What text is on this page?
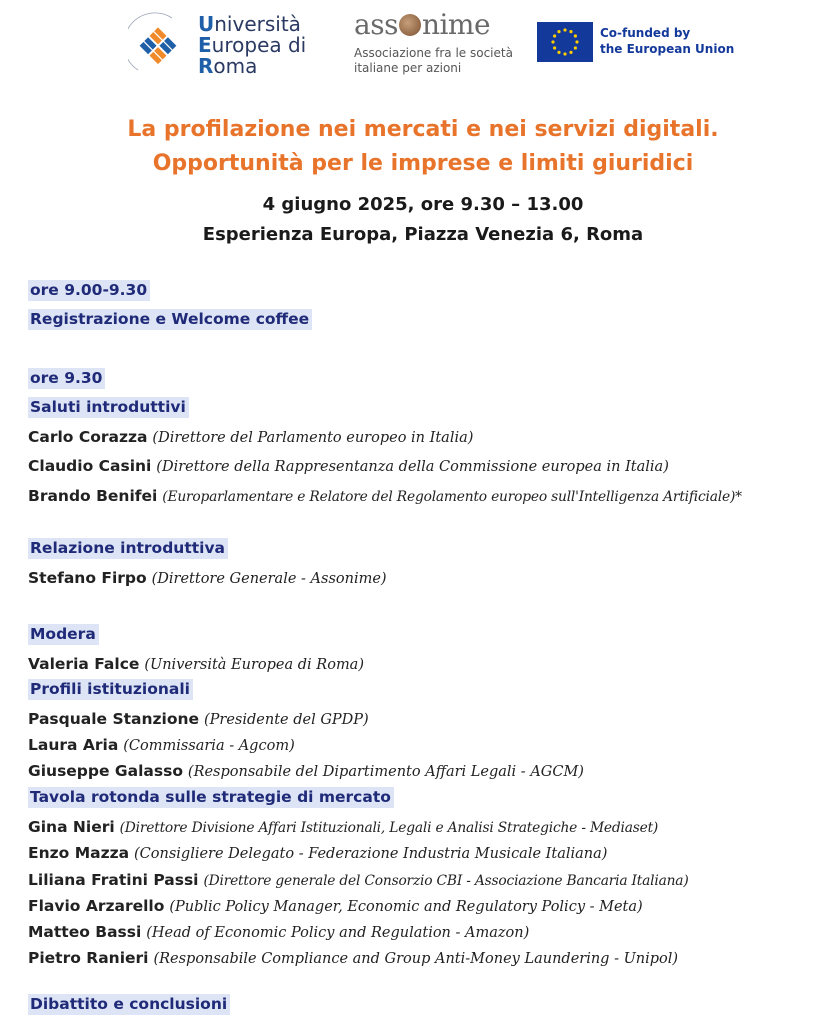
Università
Europea di
Roma
ass nime
Associazione fra le società
italiane per azioni
Co-funded by
the European Union
La profilazione nei mercati e nei servizi digitali.
Opportunità per le imprese e limiti giuridici
4 giugno 2025, ore 9.30 – 13.00
Esperienza Europa, Piazza Venezia 6, Roma
ore 9.00-9.30
Registrazione e Welcome coffee
ore 9.30
Saluti introduttivi
Carlo Corazza (Direttore del Parlamento europeo in Italia)
Claudio Casini (Direttore della Rappresentanza della Commissione europea in Italia)
Brando Benifei (Europarlamentare e Relatore del Regolamento europeo sull'Intelligenza Artificiale)*
Relazione introduttiva
Stefano Firpo (Direttore Generale - Assonime)
Modera
Valeria Falce (Università Europea di Roma)
Profili istituzionali
Pasquale Stanzione (Presidente del GPDP)
Laura Aria (Commissaria - Agcom)
Giuseppe Galasso (Responsabile del Dipartimento Affari Legali - AGCM)
Tavola rotonda sulle strategie di mercato
Gina Nieri (Direttore Divisione Affari Istituzionali, Legali e Analisi Strategiche - Mediaset)
Enzo Mazza (Consigliere Delegato - Federazione Industria Musicale Italiana)
Liliana Fratini Passi (Direttore generale del Consorzio CBI - Associazione Bancaria Italiana)
Flavio Arzarello (Public Policy Manager, Economic and Regulatory Policy - Meta)
Matteo Bassi (Head of Economic Policy and Regulation - Amazon)
Pietro Ranieri (Responsabile Compliance and Group Anti-Money Laundering - Unipol)
Dibattito e conclusioni
